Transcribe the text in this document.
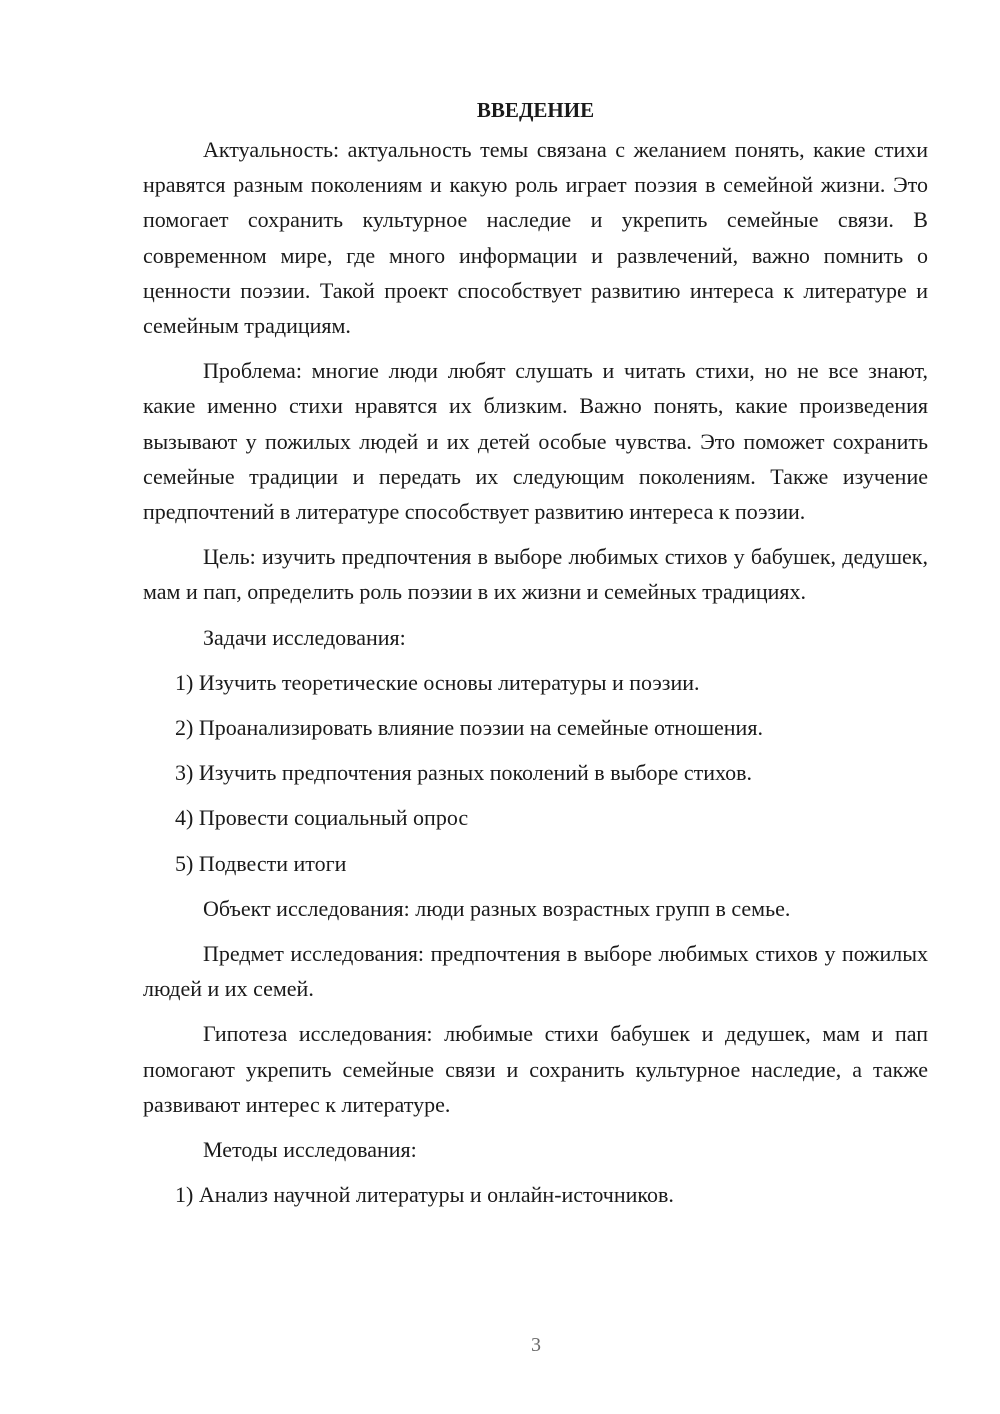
ВВЕДЕНИЕ

Актуальность: актуальность темы связана с желанием понять, какие стихи нравятся разным поколениям и какую роль играет поэзия в семейной жизни. Это помогает сохранить культурное наследие и укрепить семейные связи. В современном мире, где много информации и развлечений, важно помнить о ценности поэзии. Такой проект способствует развитию интереса к литературе и семейным традициям.

Проблема: многие люди любят слушать и читать стихи, но не все знают, какие именно стихи нравятся их близким. Важно понять, какие произведения вызывают у пожилых людей и их детей особые чувства. Это поможет сохранить семейные традиции и передать их следующим поколениям. Также изучение предпочтений в литературе способствует развитию интереса к поэзии.

Цель: изучить предпочтения в выборе любимых стихов у бабушек, дедушек, мам и пап, определить роль поэзии в их жизни и семейных традициях.

Задачи исследования:

1) Изучить теоретические основы литературы и поэзии.

2) Проанализировать влияние поэзии на семейные отношения.

3) Изучить предпочтения разных поколений в выборе стихов.

4) Провести социальный опрос

5) Подвести итоги

Объект исследования: люди разных возрастных групп в семье.

Предмет исследования: предпочтения в выборе любимых стихов у пожилых людей и их семей.

Гипотеза исследования: любимые стихи бабушек и дедушек, мам и пап помогают укрепить семейные связи и сохранить культурное наследие, а также развивают интерес к литературе.

Методы исследования:

1) Анализ научной литературы и онлайн-источников.

3
